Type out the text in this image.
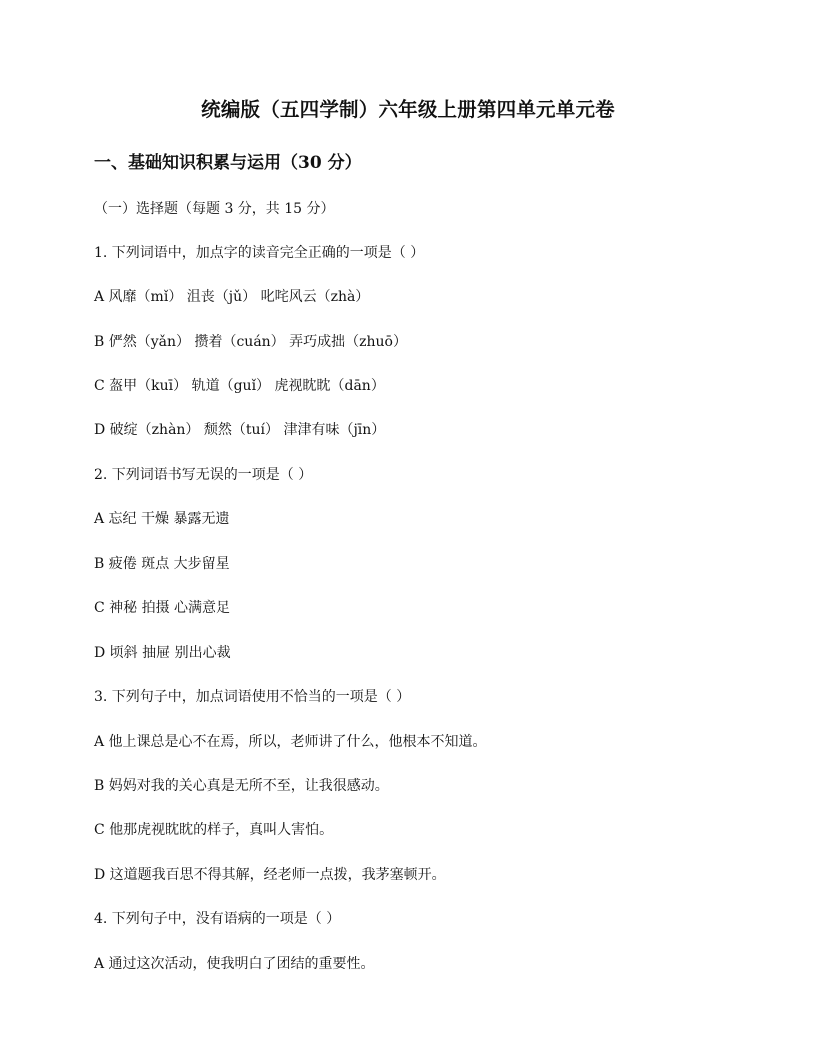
统编版（五四学制）六年级上册第四单元单元卷
一、基础知识积累与运用（30 分）
（一）选择题（每题 3 分，共 15 分）
1. 下列词语中，加点字的读音完全正确的一项是（ ）
A 风靡（mǐ） 沮丧（jǔ） 叱咤风云（zhà）
B 俨然（yǎn） 攒着（cuán） 弄巧成拙（zhuō）
C 盔甲（kuī） 轨道（guǐ） 虎视眈眈（dān）
D 破绽（zhàn） 颓然（tuí） 津津有味（jīn）
2. 下列词语书写无误的一项是（ ）
A 忘纪 干燥 暴露无遗
B 疲倦 斑点 大步留星
C 神秘 拍摄 心满意足
D 顷斜 抽屉 别出心裁
3. 下列句子中，加点词语使用不恰当的一项是（ ）
A 他上课总是心不在焉，所以，老师讲了什么，他根本不知道。
B 妈妈对我的关心真是无所不至，让我很感动。
C 他那虎视眈眈的样子，真叫人害怕。
D 这道题我百思不得其解，经老师一点拨，我茅塞顿开。
4. 下列句子中，没有语病的一项是（ ）
A 通过这次活动，使我明白了团结的重要性。
